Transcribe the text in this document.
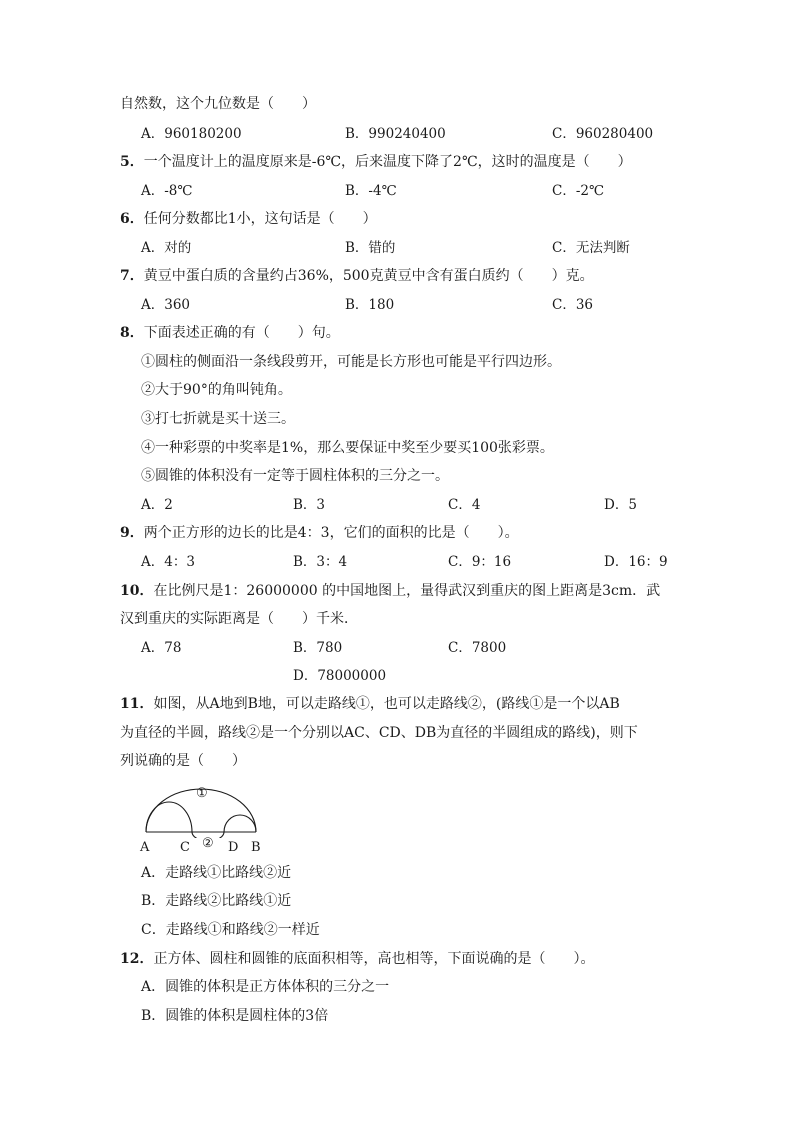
自然数，这个九位数是（　　）
A．960180200	B．990240400	C．960280400
5．一个温度计上的温度原来是-6℃，后来温度下降了2℃，这时的温度是（　　）
A．-8℃	B．-4℃	C．-2℃
6．任何分数都比1小，这句话是（　　）
A．对的	B．错的	C．无法判断
7．黄豆中蛋白质的含量约占36%，500克黄豆中含有蛋白质约（　　）克。
A．360	B．180	C．36
8．下面表述正确的有（　　）句。
①圆柱的侧面沿一条线段剪开，可能是长方形也可能是平行四边形。
②大于90°的角叫钝角。
③打七折就是买十送三。
④一种彩票的中奖率是1%，那么要保证中奖至少要买100张彩票。
⑤圆锥的体积没有一定等于圆柱体积的三分之一。
A．2	B．3	C．4	D．5
9．两个正方形的边长的比是4：3，它们的面积的比是（　　）。
A．4：3	B．3：4	C．9：16	D．16：9
10．在比例尺是1：26000000 的中国地图上，量得武汉到重庆的图上距离是3cm．武
汉到重庆的实际距离是（　　）千米．
A．78	B．780	C．7800
D．78000000
11．如图，从A地到B地，可以走路线①，也可以走路线②，(路线①是一个以AB
为直径的半圆，路线②是一个分别以AC、CD、DB为直径的半圆组成的路线)，则下
列说确的是（　　）
①
②
A C	D B
A．走路线①比路线②近
B．走路线②比路线①近
C．走路线①和路线②一样近
12．正方体、圆柱和圆锥的底面积相等，高也相等，下面说确的是（　　）。
A．圆锥的体积是正方体体积的三分之一
B．圆锥的体积是圆柱体的3倍
